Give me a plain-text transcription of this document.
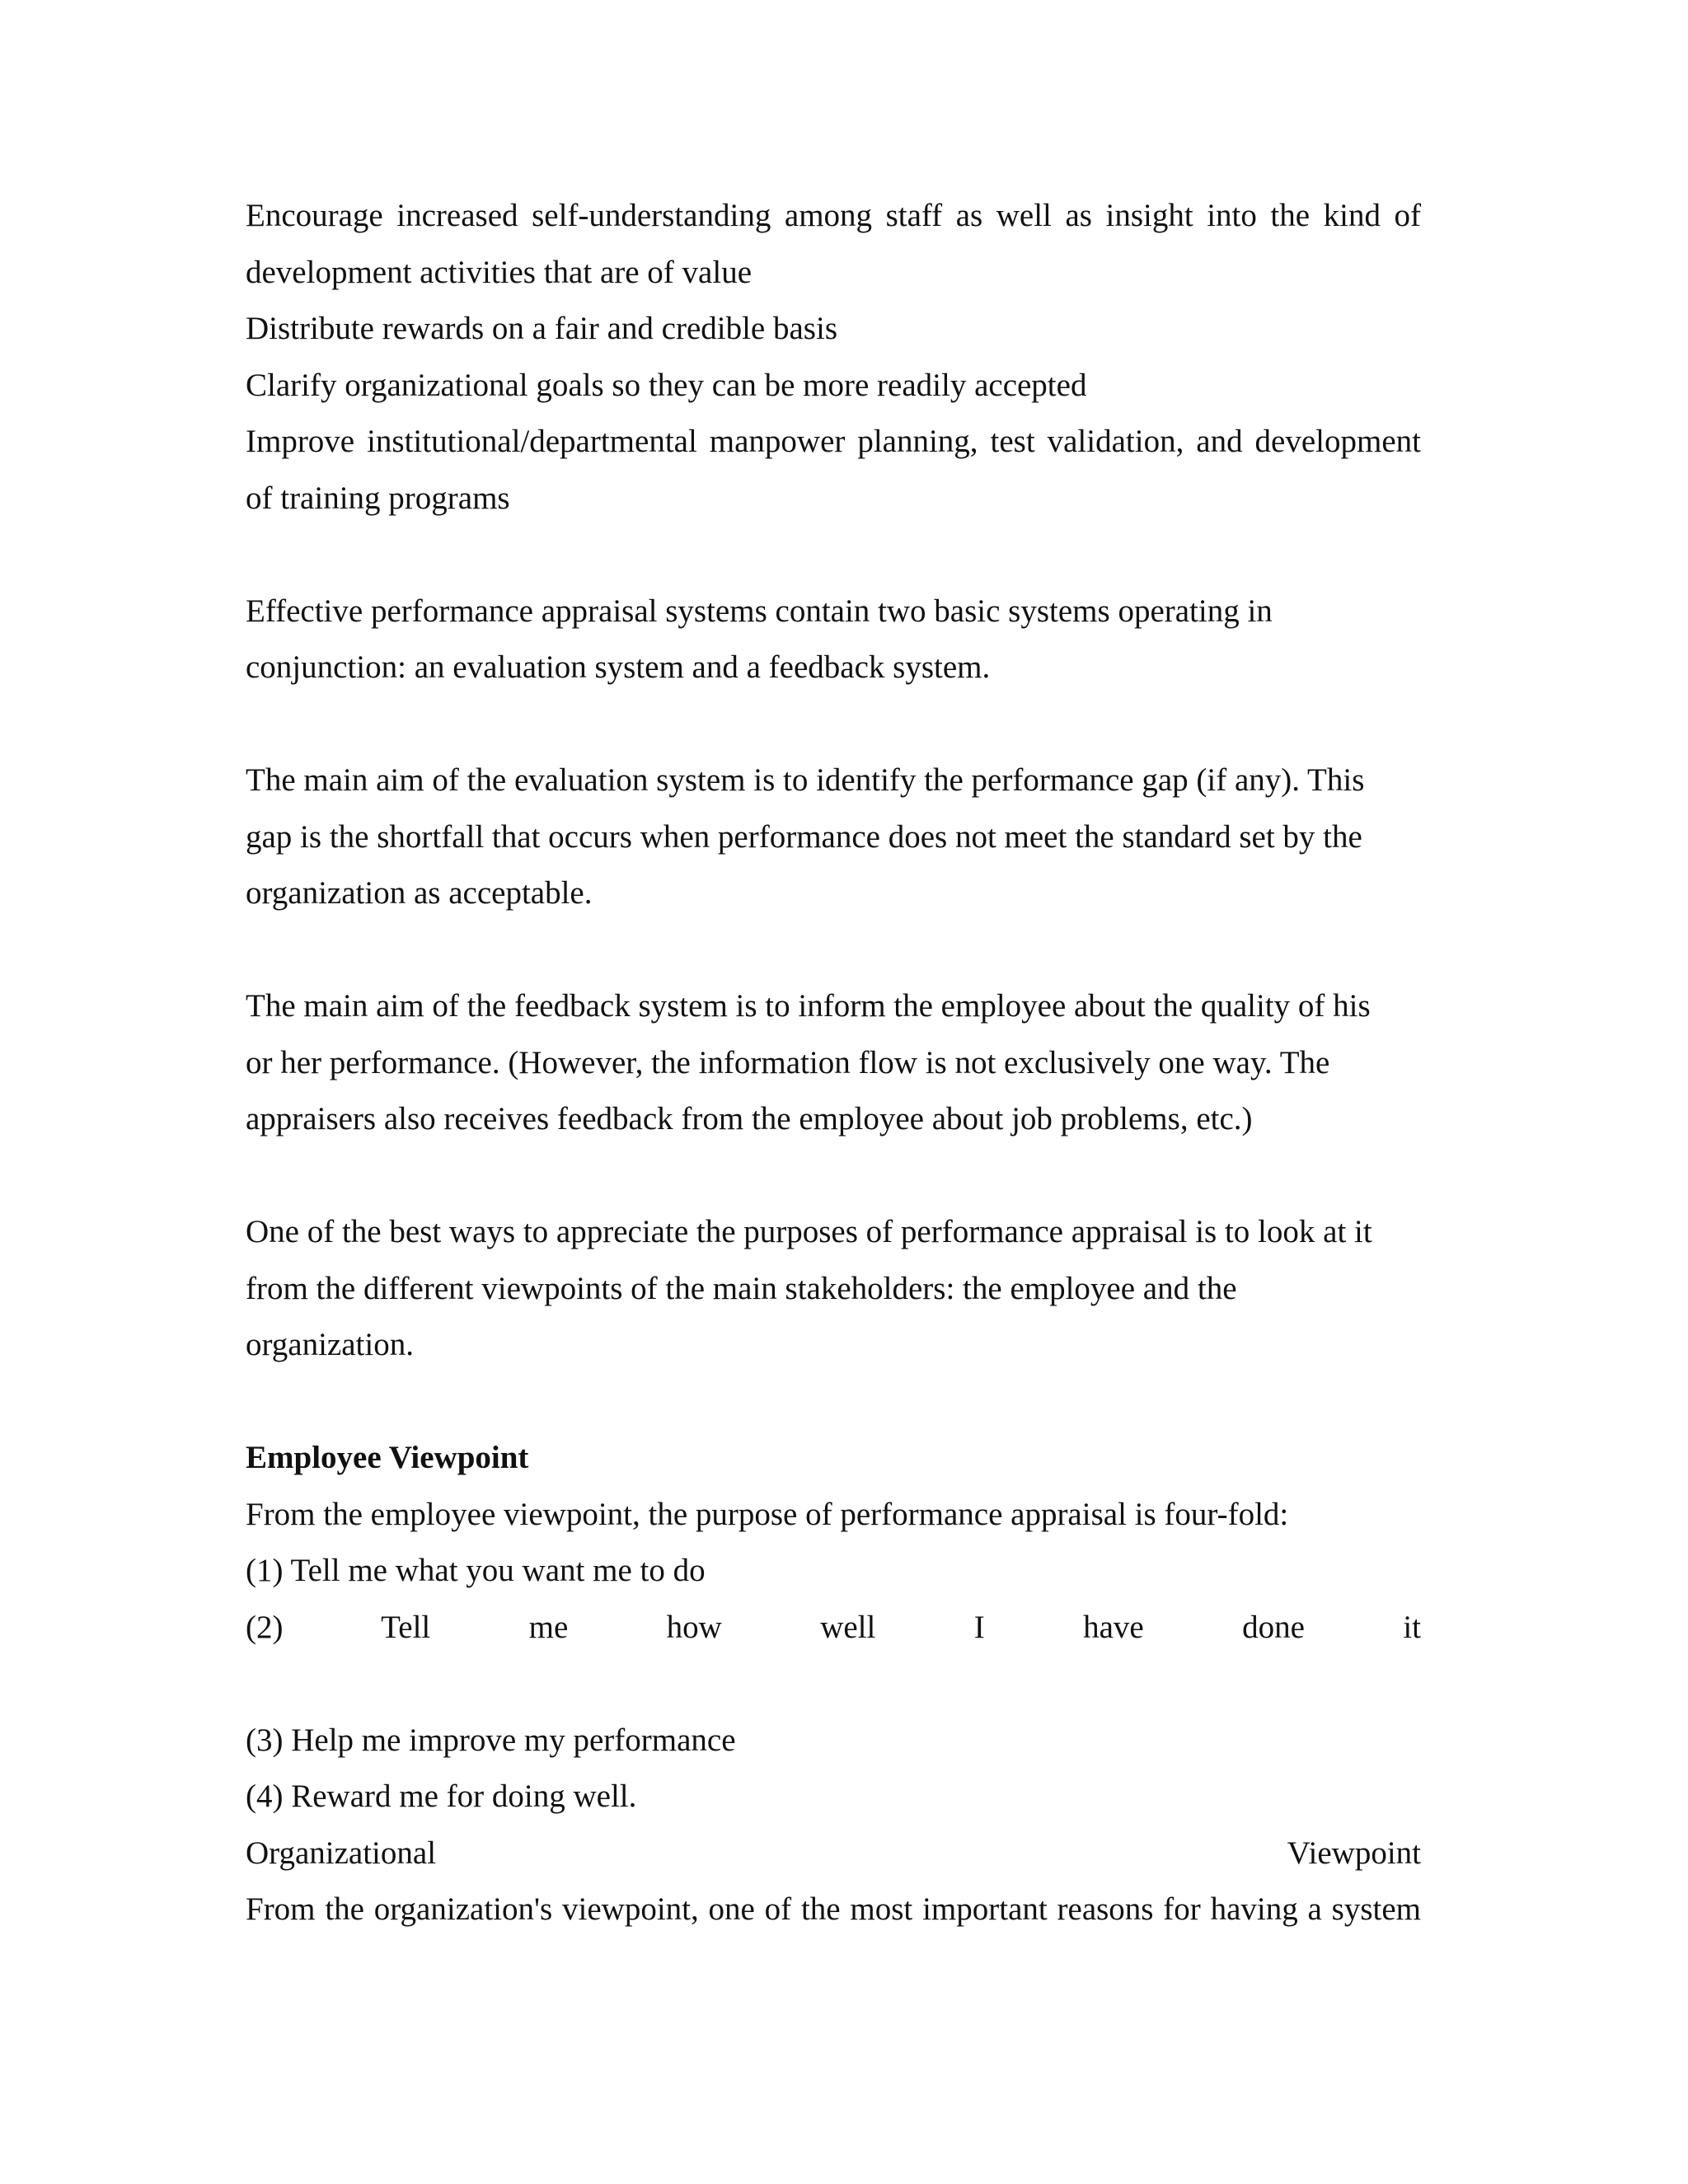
Encourage increased self-understanding among staff as well as insight into the kind of development activities that are of value

Distribute rewards on a fair and credible basis

Clarify organizational goals so they can be more readily accepted

Improve institutional/departmental manpower planning, test validation, and development of training programs

Effective performance appraisal systems contain two basic systems operating in conjunction: an evaluation system and a feedback system.

The main aim of the evaluation system is to identify the performance gap (if any). This gap is the shortfall that occurs when performance does not meet the standard set by the organization as acceptable.

The main aim of the feedback system is to inform the employee about the quality of his or her performance. (However, the information flow is not exclusively one way. The appraisers also receives feedback from the employee about job problems, etc.)

One of the best ways to appreciate the purposes of performance appraisal is to look at it from the different viewpoints of the main stakeholders: the employee and the organization.

Employee Viewpoint

From the employee viewpoint, the purpose of performance appraisal is four-fold:

(1) Tell me what you want me to do

(2) Tell me how well I have done it

(3) Help me improve my performance

(4) Reward me for doing well.

Organizational Viewpoint

From the organization's viewpoint, one of the most important reasons for having a system
